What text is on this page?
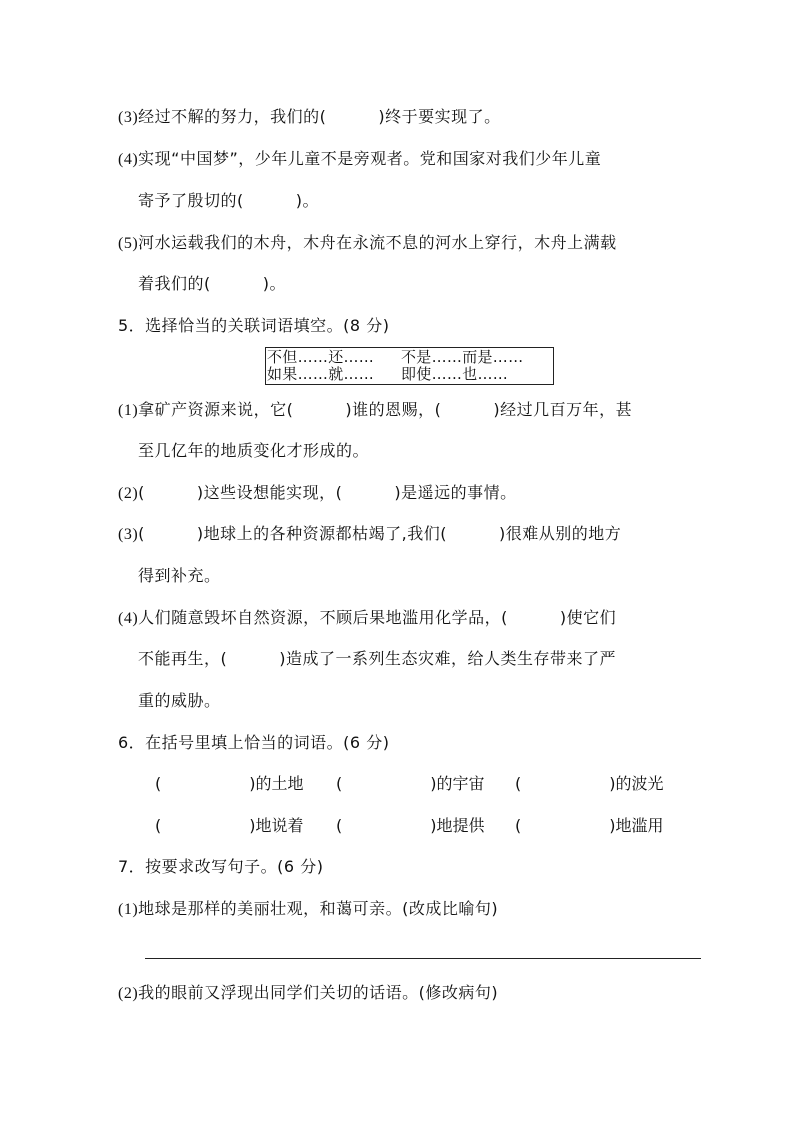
(3)经过不解的努力，我们的(	)终于要实现了。
(4)实现“中国梦”，少年儿童不是旁观者。党和国家对我们少年儿童
寄予了殷切的(	)。
(5)河水运载我们的木舟，木舟在永流不息的河水上穿行，木舟上满载
着我们的(	)。
5．选择恰当的关联词语填空。(8 分)
不但……还……	不是……而是……
如果……就……	即使……也……
(1)拿矿产资源来说，它(	)谁的恩赐，(	)经过几百万年，甚
至几亿年的地质变化才形成的。
(2)(	)这些设想能实现，(	)是遥远的事情。
(3)(	)地球上的各种资源都枯竭了,我们(	)很难从别的地方
得到补充。
(4)人们随意毁坏自然资源，不顾后果地滥用化学品，(	)使它们
不能再生，(	)造成了一系列生态灾难，给人类生存带来了严
重的威胁。
6．在括号里填上恰当的词语。(6 分)
(	)的土地 (	)的宇宙 (	)的波光
(	)地说着 (	)地提供 (	)地滥用
7．按要求改写句子。(6 分)
(1)地球是那样的美丽壮观，和蔼可亲。(改成比喻句)
(2)我的眼前又浮现出同学们关切的话语。(修改病句)
